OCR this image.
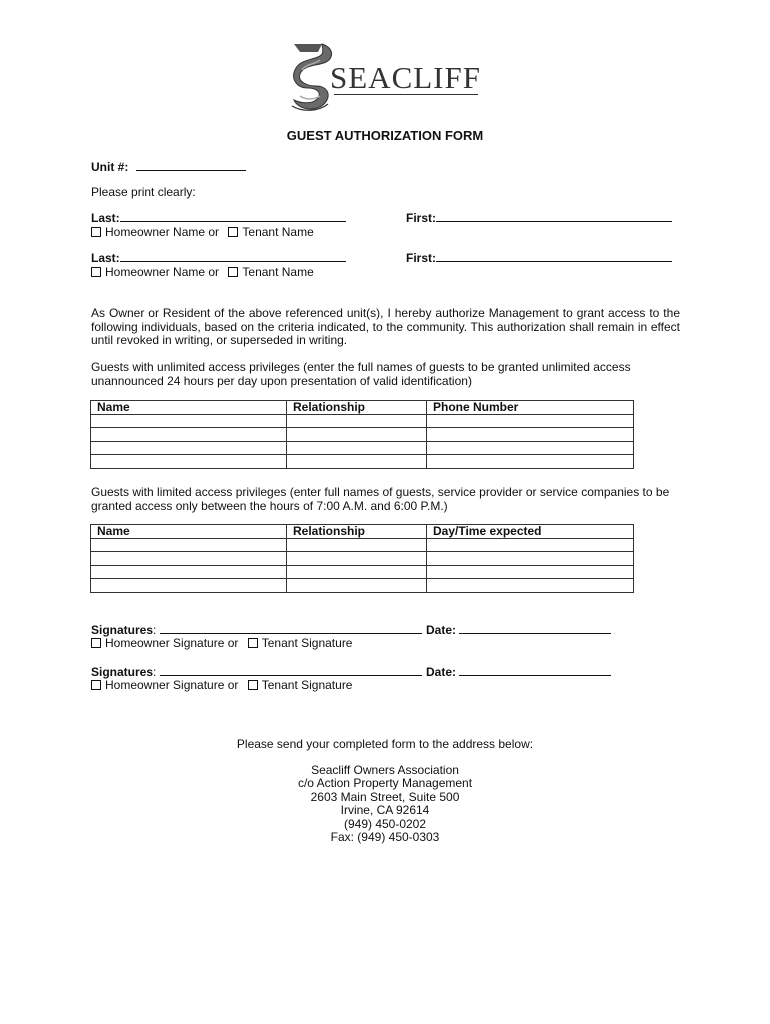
SEACLIFF
GUEST AUTHORIZATION FORM
Unit #:
Please print clearly:
Last:	First:
Homeowner Name or Tenant Name
Last:	First:
Homeowner Name or Tenant Name
As Owner or Resident of the above referenced unit(s), I hereby authorize Management to grant access to the following individuals, based on the criteria indicated, to the community. This authorization shall remain in effect until revoked in writing, or superseded in writing.
Guests with unlimited access privileges (enter the full names of guests to be granted unlimited access unannounced 24 hours per day upon presentation of valid identification)
Name	Relationship	Phone Number

Guests with limited access privileges (enter full names of guests, service provider or service companies to be granted access only between the hours of 7:00 A.M. and 6:00 P.M.)
Name	Relationship	Day/Time expected

Signatures:	Date:
Homeowner Signature or Tenant Signature
Signatures:	Date:
Homeowner Signature or Tenant Signature
Please send your completed form to the address below:
Seacliff Owners Association
c/o Action Property Management
2603 Main Street, Suite 500
Irvine, CA 92614
(949) 450-0202
Fax: (949) 450-0303
